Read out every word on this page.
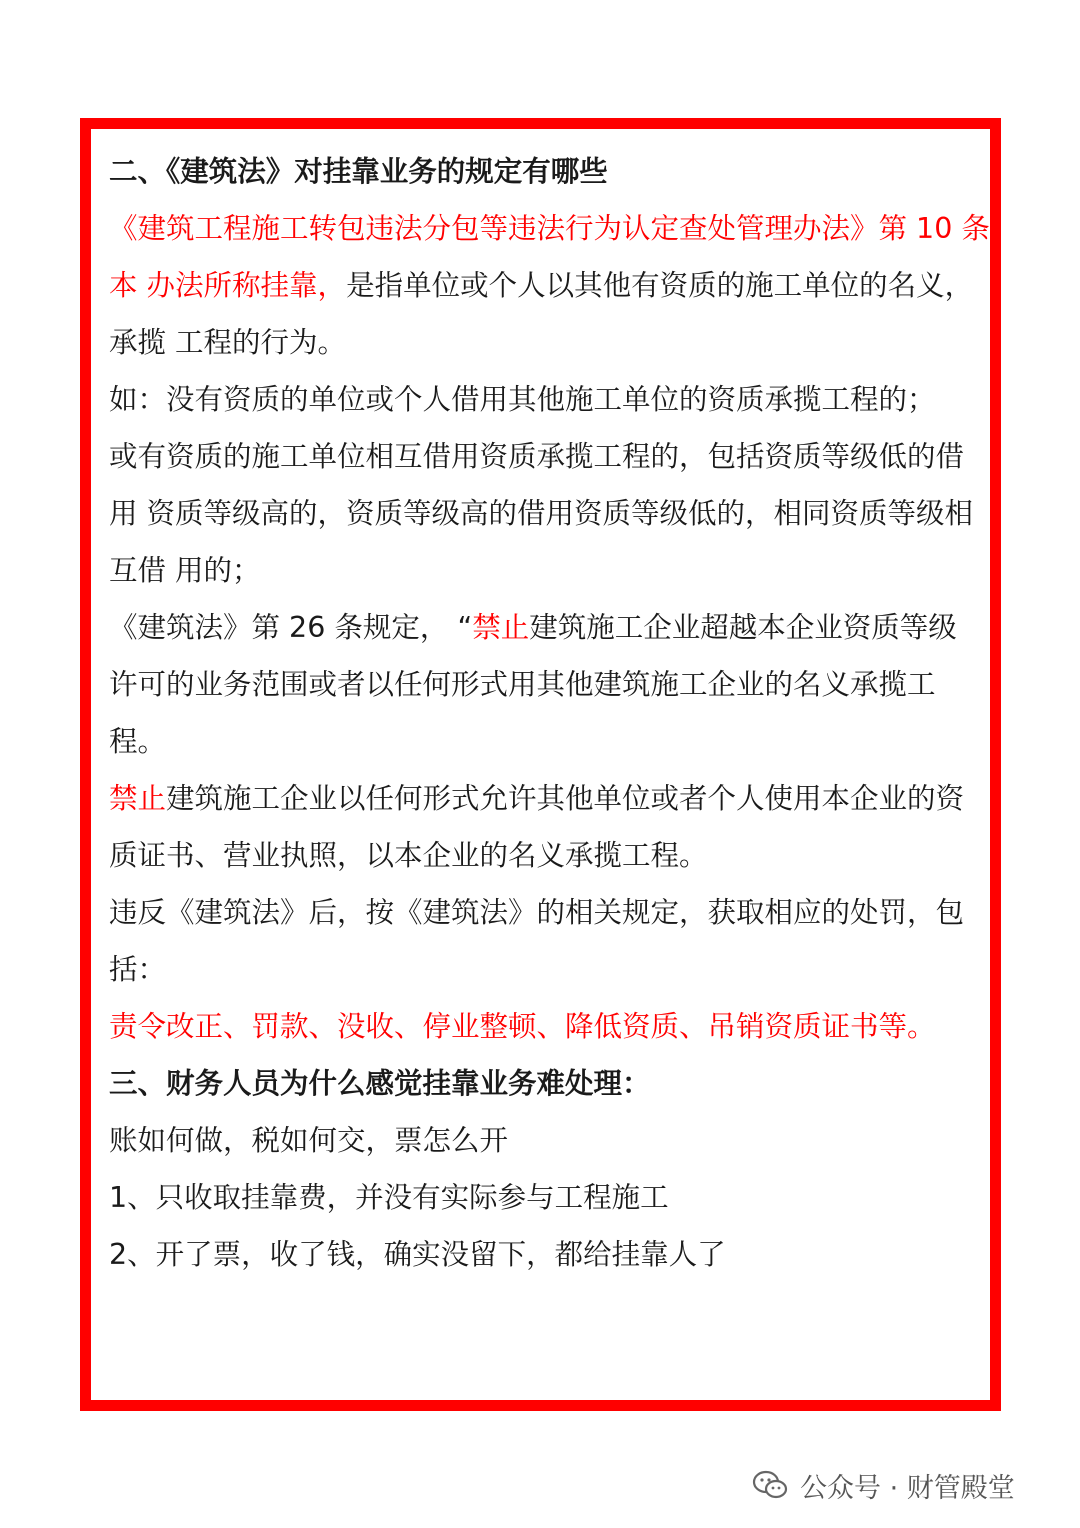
二、《建筑法》对挂靠业务的规定有哪些

《建筑工程施工转包违法分包等违法行为认定查处管理办法》第 10 条

本 办法所称挂靠，是指单位或个人以其他有资质的施工单位的名义，

承揽 工程的行为。

如：没有资质的单位或个人借用其他施工单位的资质承揽工程的；

或有资质的施工单位相互借用资质承揽工程的，包括资质等级低的借

用 资质等级高的，资质等级高的借用资质等级低的，相同资质等级相

互借 用的；

《建筑法》第 26 条规定， “禁止建筑施工企业超越本企业资质等级

许可的业务范围或者以任何形式用其他建筑施工企业的名义承揽工

程。

禁止建筑施工企业以任何形式允许其他单位或者个人使用本企业的资

质证书、营业执照，以本企业的名义承揽工程。

违反《建筑法》后，按《建筑法》的相关规定，获取相应的处罚，包

括：

责令改正、罚款、没收、停业整顿、降低资质、吊销资质证书等。

三、财务人员为什么感觉挂靠业务难处理：

账如何做，税如何交，票怎么开

1、只收取挂靠费，并没有实际参与工程施工

2、开了票，收了钱，确实没留下，都给挂靠人了

公众号 · 财管殿堂
